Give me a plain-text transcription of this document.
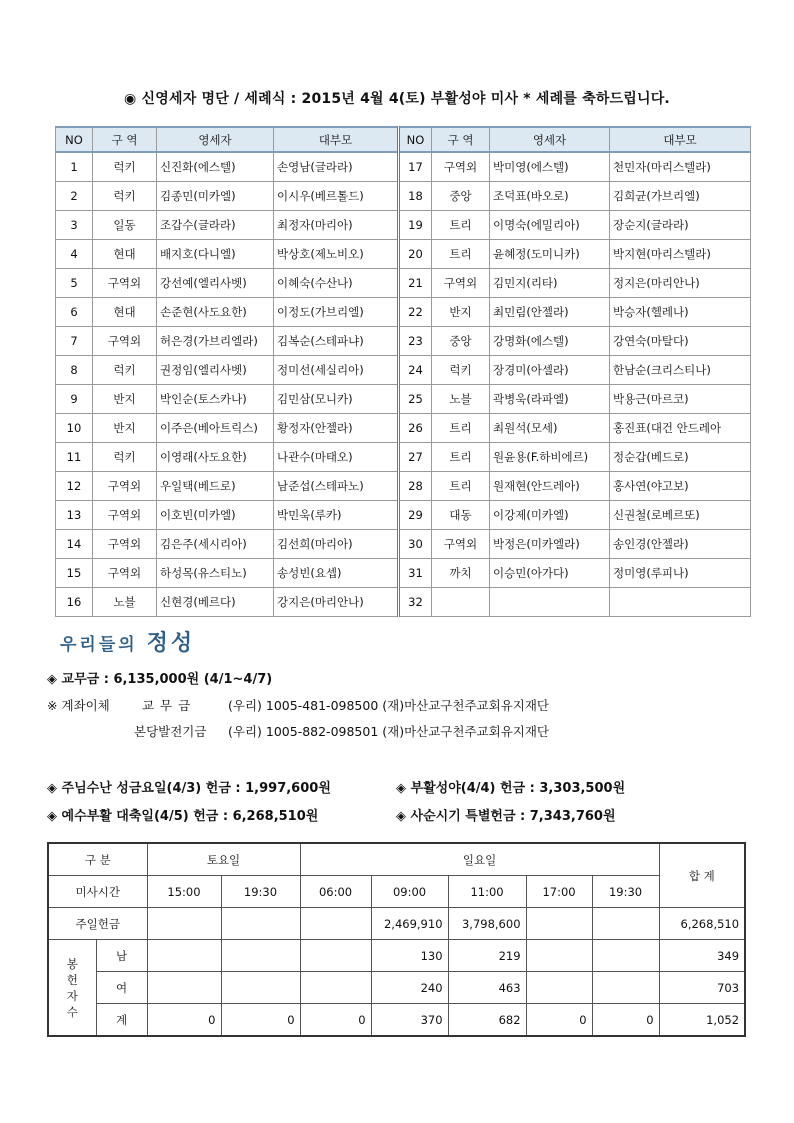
◉ 신영세자 명단 / 세례식 : 2015년 4월 4(토) 부활성야 미사 * 세례를 축하드립니다.
NO	구 역	영세자	대부모	NO	구 역	영세자	대부모
1	럭키	신진화(에스텔)	손영남(글라라)	17	구역외	박미영(에스텔)	천민자(마리스텔라)
2	럭키	김종민(미카엘)	이시우(베르톨드)	18	중앙	조덕표(바오로)	김희균(가브리엘)
3	일동	조갑수(글라라)	최정자(마리아)	19	트리	이명숙(에밀리아)	장순지(글라라)
4	현대	배지호(다니엘)	박상호(제노비오)	20	트리	윤혜정(도미니카)	박지현(마리스텔라)
5	구역외	강선예(엘리사벳)	이혜숙(수산나)	21	구역외	김민지(리타)	정지은(마리안나)
6	현대	손준현(사도요한)	이정도(가브리엘)	22	반지	최민림(안젤라)	박승자(헬레나)
7	구역외	허은경(가브리엘라)	김복순(스테파냐)	23	중앙	강명화(에스텔)	강연숙(마탈다)
8	럭키	권정임(엘리사벳)	정미선(세실리아)	24	럭키	장경미(아셀라)	한남순(크리스티나)
9	반지	박인순(토스카나)	김민삼(모니카)	25	노블	곽병욱(라파엘)	박용근(마르코)
10	반지	이주은(베아트릭스)	황정자(안젤라)	26	트리	최원석(모세)	홍진표(대건 안드레아
11	럭키	이영래(사도요한)	나관수(마태오)	27	트리	원윤용(F.하비에르)	정순갑(베드로)
12	구역외	우일택(베드로)	남준섭(스테파노)	28	트리	원재현(안드레아)	홍사연(야고보)
13	구역외	이호빈(미카엘)	박민욱(루카)	29	대동	이강제(미카엘)	신권철(로베르또)
14	구역외	김은주(세시리아)	김선희(마리아)	30	구역외	박정은(미카엘라)	송인경(안젤라)
15	구역외	하성목(유스티노)	송성빈(요셉)	31	까치	이승민(아가다)	정미영(루피나)
16	노블	신현경(베르다)	강지은(마리안나)	32			
우리들의 정성
◈ 교무금 : 6,135,000원 (4/1~4/7)
※ 계좌이체	교 무 금	(우리) 1005-481-098500 (재)마산교구천주교회유지재단
본당발전기금 (우리) 1005-882-098501 (재)마산교구천주교회유지재단
◈ 주님수난 성금요일(4/3) 헌금 : 1,997,600원	◈ 부활성야(4/4) 헌금 : 3,303,500원
◈ 예수부활 대축일(4/5) 헌금 : 6,268,510원	◈ 사순시기 특별헌금 : 7,343,760원
구 분		토요일		일요일					합 계
미사시간		15:00	19:30	06:00	09:00	11:00	17:00	19:30	
주일헌금					2,469,910	3,798,600			6,268,510
봉
헌
자
수	남				130	219			349
	여				240	463			703
	계	0	0	0	370	682	0	0	1,052
